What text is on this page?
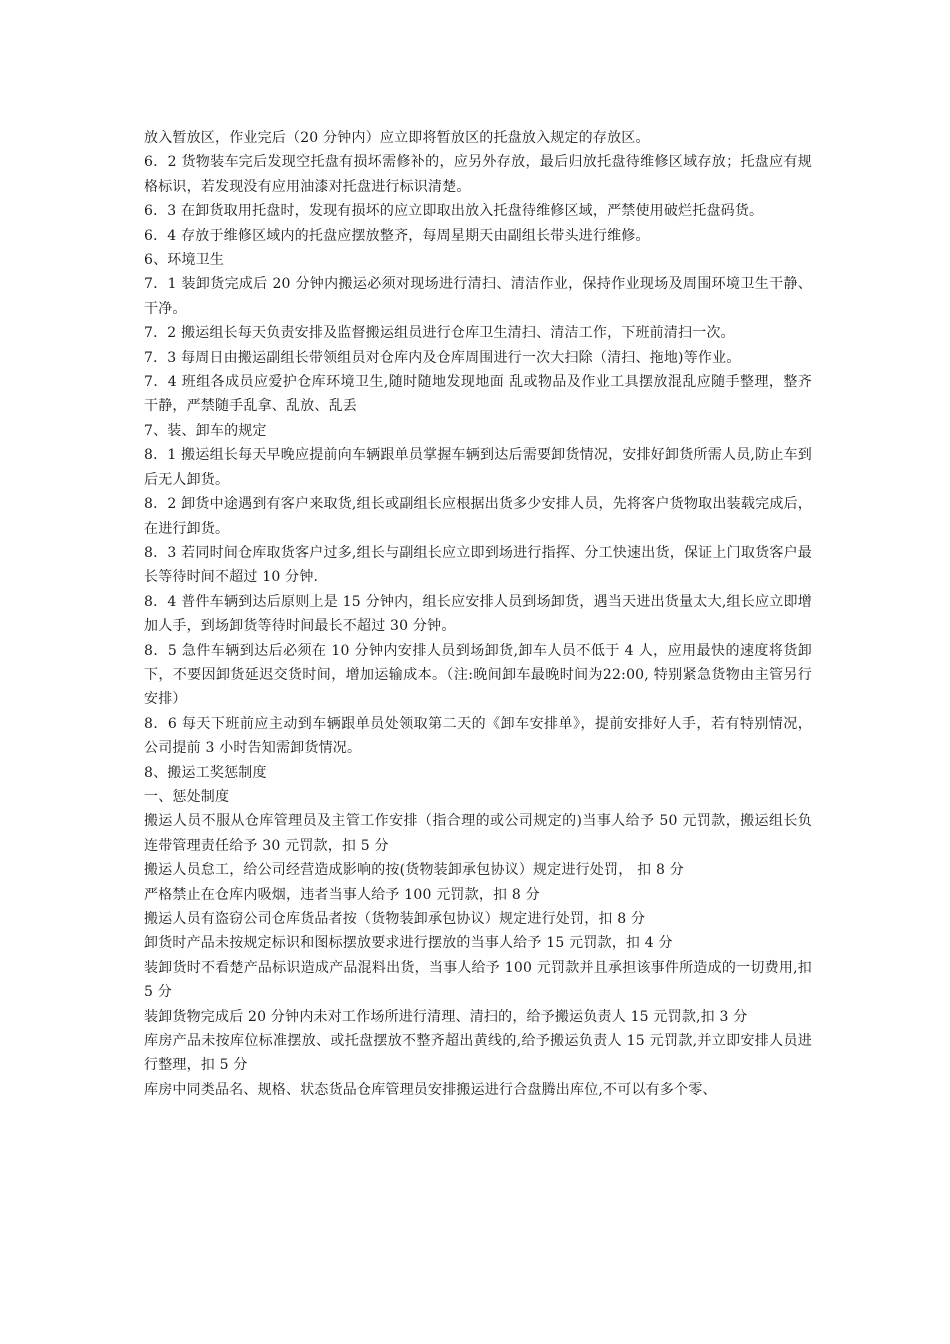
放入暂放区，作业完后（20 分钟内）应立即将暂放区的托盘放入规定的存放区。

6．2 货物装车完后发现空托盘有损坏需修补的，应另外存放，最后归放托盘待维修区域存放；托盘应有规格标识，若发现没有应用油漆对托盘进行标识清楚。

6．3 在卸货取用托盘时，发现有损坏的应立即取出放入托盘待维修区域，严禁使用破烂托盘码货。

6．4 存放于维修区域内的托盘应摆放整齐，每周星期天由副组长带头进行维修。

6、环境卫生

7．1 装卸货完成后 20 分钟内搬运必须对现场进行清扫、清洁作业，保持作业现场及周围环境卫生干静、干净。

7．2 搬运组长每天负责安排及监督搬运组员进行仓库卫生清扫、清洁工作，下班前清扫一次。

7．3 每周日由搬运副组长带领组员对仓库内及仓库周围进行一次大扫除（清扫、拖地)等作业。

7．4 班组各成员应爱护仓库环境卫生,随时随地发现地面 乱或物品及作业工具摆放混乱应随手整理，整齐干静，严禁随手乱拿、乱放、乱丢

7、装、卸车的规定

8．1 搬运组长每天早晚应提前向车辆跟单员掌握车辆到达后需要卸货情况，安排好卸货所需人员,防止车到后无人卸货。

8．2 卸货中途遇到有客户来取货,组长或副组长应根据出货多少安排人员，先将客户货物取出装载完成后，在进行卸货。

8．3 若同时间仓库取货客户过多,组长与副组长应立即到场进行指挥、分工快速出货，保证上门取货客户最长等待时间不超过 10 分钟.

8．4 普件车辆到达后原则上是 15 分钟内，组长应安排人员到场卸货，遇当天进出货量太大,组长应立即增加人手，到场卸货等待时间最长不超过 30 分钟。

8．5 急件车辆到达后必须在 10 分钟内安排人员到场卸货,卸车人员不低于 4 人，应用最快的速度将货卸下，不要因卸货延迟交货时间，增加运输成本。（注:晚间卸车最晚时间为22:00, 特别紧急货物由主管另行安排）

8．6 每天下班前应主动到车辆跟单员处领取第二天的《卸车安排单》，提前安排好人手，若有特别情况，公司提前 3 小时告知需卸货情况。

8、搬运工奖惩制度

一、惩处制度

搬运人员不服从仓库管理员及主管工作安排（指合理的或公司规定的)当事人给予 50 元罚款，搬运组长负连带管理责任给予 30 元罚款，扣 5 分

搬运人员怠工，给公司经营造成影响的按(货物装卸承包协议）规定进行处罚， 扣 8 分

严格禁止在仓库内吸烟，违者当事人给予 100 元罚款，扣 8 分

搬运人员有盗窃公司仓库货品者按（货物装卸承包协议）规定进行处罚，扣 8 分

卸货时产品未按规定标识和图标摆放要求进行摆放的当事人给予 15 元罚款，扣 4 分

装卸货时不看楚产品标识造成产品混料出货，当事人给予 100 元罚款并且承担该事件所造成的一切费用,扣 5 分

装卸货物完成后 20 分钟内未对工作场所进行清理、清扫的，给予搬运负责人 15 元罚款,扣 3 分

库房产品未按库位标准摆放、或托盘摆放不整齐超出黄线的,给予搬运负责人 15 元罚款,并立即安排人员进行整理，扣 5 分

库房中同类品名、规格、状态货品仓库管理员安排搬运进行合盘腾出库位,不可以有多个零、
